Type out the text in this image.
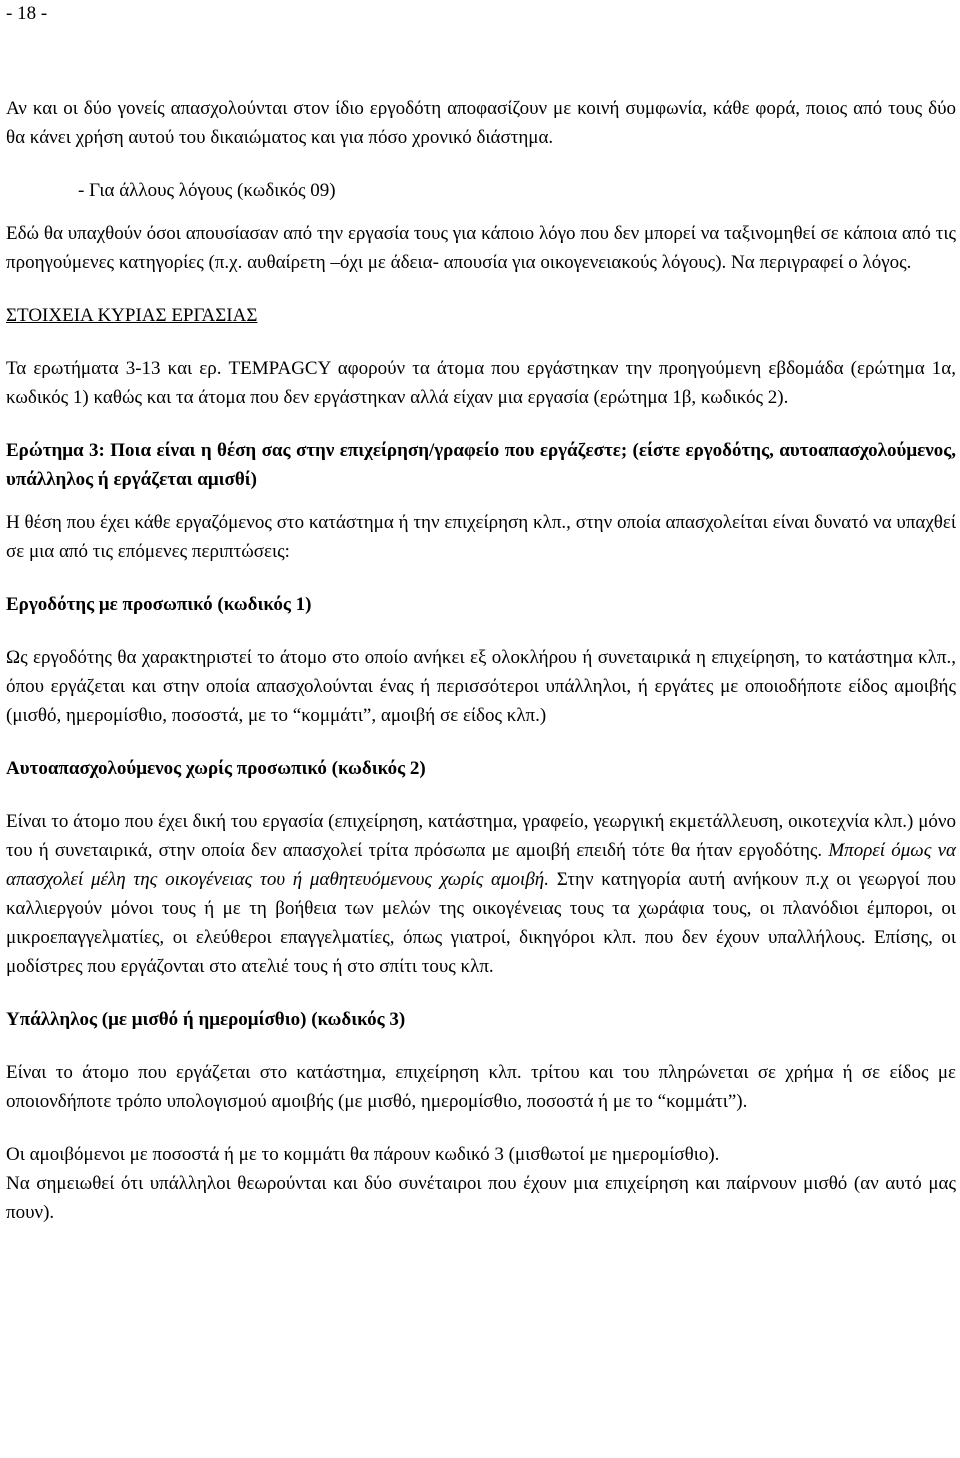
- 18 -

Αν και οι δύο γονείς απασχολούνται στον ίδιο εργοδότη αποφασίζουν με κοινή συμφωνία, κάθε φορά, ποιος από τους δύο θα κάνει χρήση αυτού του δικαιώματος και για πόσο χρονικό διάστημα.

- Για άλλους λόγους (κωδικός 09)

Εδώ θα υπαχθούν όσοι απουσίασαν από την εργασία τους για κάποιο λόγο που δεν μπορεί να ταξινομηθεί σε κάποια από τις προηγούμενες κατηγορίες (π.χ. αυθαίρετη –όχι με άδεια- απουσία για οικογενειακούς λόγους). Να περιγραφεί ο λόγος.

ΣΤΟΙΧΕΙΑ ΚΥΡΙΑΣ ΕΡΓΑΣΙΑΣ

Τα ερωτήματα 3-13 και ερ. TEMPAGCY αφορούν τα άτομα που εργάστηκαν την προηγούμενη εβδομάδα (ερώτημα 1α, κωδικός 1) καθώς και τα άτομα που δεν εργάστηκαν αλλά είχαν μια εργασία (ερώτημα 1β, κωδικός 2).

Ερώτημα 3: Ποια είναι η θέση σας στην επιχείρηση/γραφείο που εργάζεστε; (είστε εργοδότης, αυτοαπασχολούμενος, υπάλληλος ή εργάζεται αμισθί)

Η θέση που έχει κάθε εργαζόμενος στο κατάστημα ή την επιχείρηση κλπ., στην οποία απασχολείται είναι δυνατό να υπαχθεί σε μια από τις επόμενες περιπτώσεις:

Εργοδότης με προσωπικό (κωδικός 1)

Ως εργοδότης θα χαρακτηριστεί το άτομο στο οποίο ανήκει εξ ολοκλήρου ή συνεταιρικά η επιχείρηση, το κατάστημα κλπ., όπου εργάζεται και στην οποία απασχολούνται ένας ή περισσότεροι υπάλληλοι, ή εργάτες με οποιοδήποτε είδος αμοιβής (μισθό, ημερομίσθιο, ποσοστά, με το “κομμάτι”, αμοιβή σε είδος κλπ.)

Αυτοαπασχολούμενος χωρίς προσωπικό (κωδικός 2)

Είναι το άτομο που έχει δική του εργασία (επιχείρηση, κατάστημα, γραφείο, γεωργική εκμετάλλευση, οικοτεχνία κλπ.) μόνο του ή συνεταιρικά, στην οποία δεν απασχολεί τρίτα πρόσωπα με αμοιβή επειδή τότε θα ήταν εργοδότης. Μπορεί όμως να απασχολεί μέλη της οικογένειας του ή μαθητευόμενους χωρίς αμοιβή. Στην κατηγορία αυτή ανήκουν π.χ οι γεωργοί που καλλιεργούν μόνοι τους ή με τη βοήθεια των μελών της οικογένειας τους τα χωράφια τους, οι πλανόδιοι έμποροι, οι μικροεπαγγελματίες, οι ελεύθεροι επαγγελματίες, όπως γιατροί, δικηγόροι κλπ. που δεν έχουν υπαλλήλους. Επίσης, οι μοδίστρες που εργάζονται στο ατελιέ τους ή στο σπίτι τους κλπ.

Υπάλληλος (με μισθό ή ημερομίσθιο) (κωδικός 3)

Είναι το άτομο που εργάζεται στο κατάστημα, επιχείρηση κλπ. τρίτου και του πληρώνεται σε χρήμα ή σε είδος με οποιονδήποτε τρόπο υπολογισμού αμοιβής (με μισθό, ημερομίσθιο, ποσοστά ή με το “κομμάτι”).

Οι αμοιβόμενοι με ποσοστά ή με το κομμάτι θα πάρουν κωδικό 3 (μισθωτοί με ημερομίσθιο).

Να σημειωθεί ότι υπάλληλοι θεωρούνται και δύο συνέταιροι που έχουν μια επιχείρηση και παίρνουν μισθό (αν αυτό μας πουν).
